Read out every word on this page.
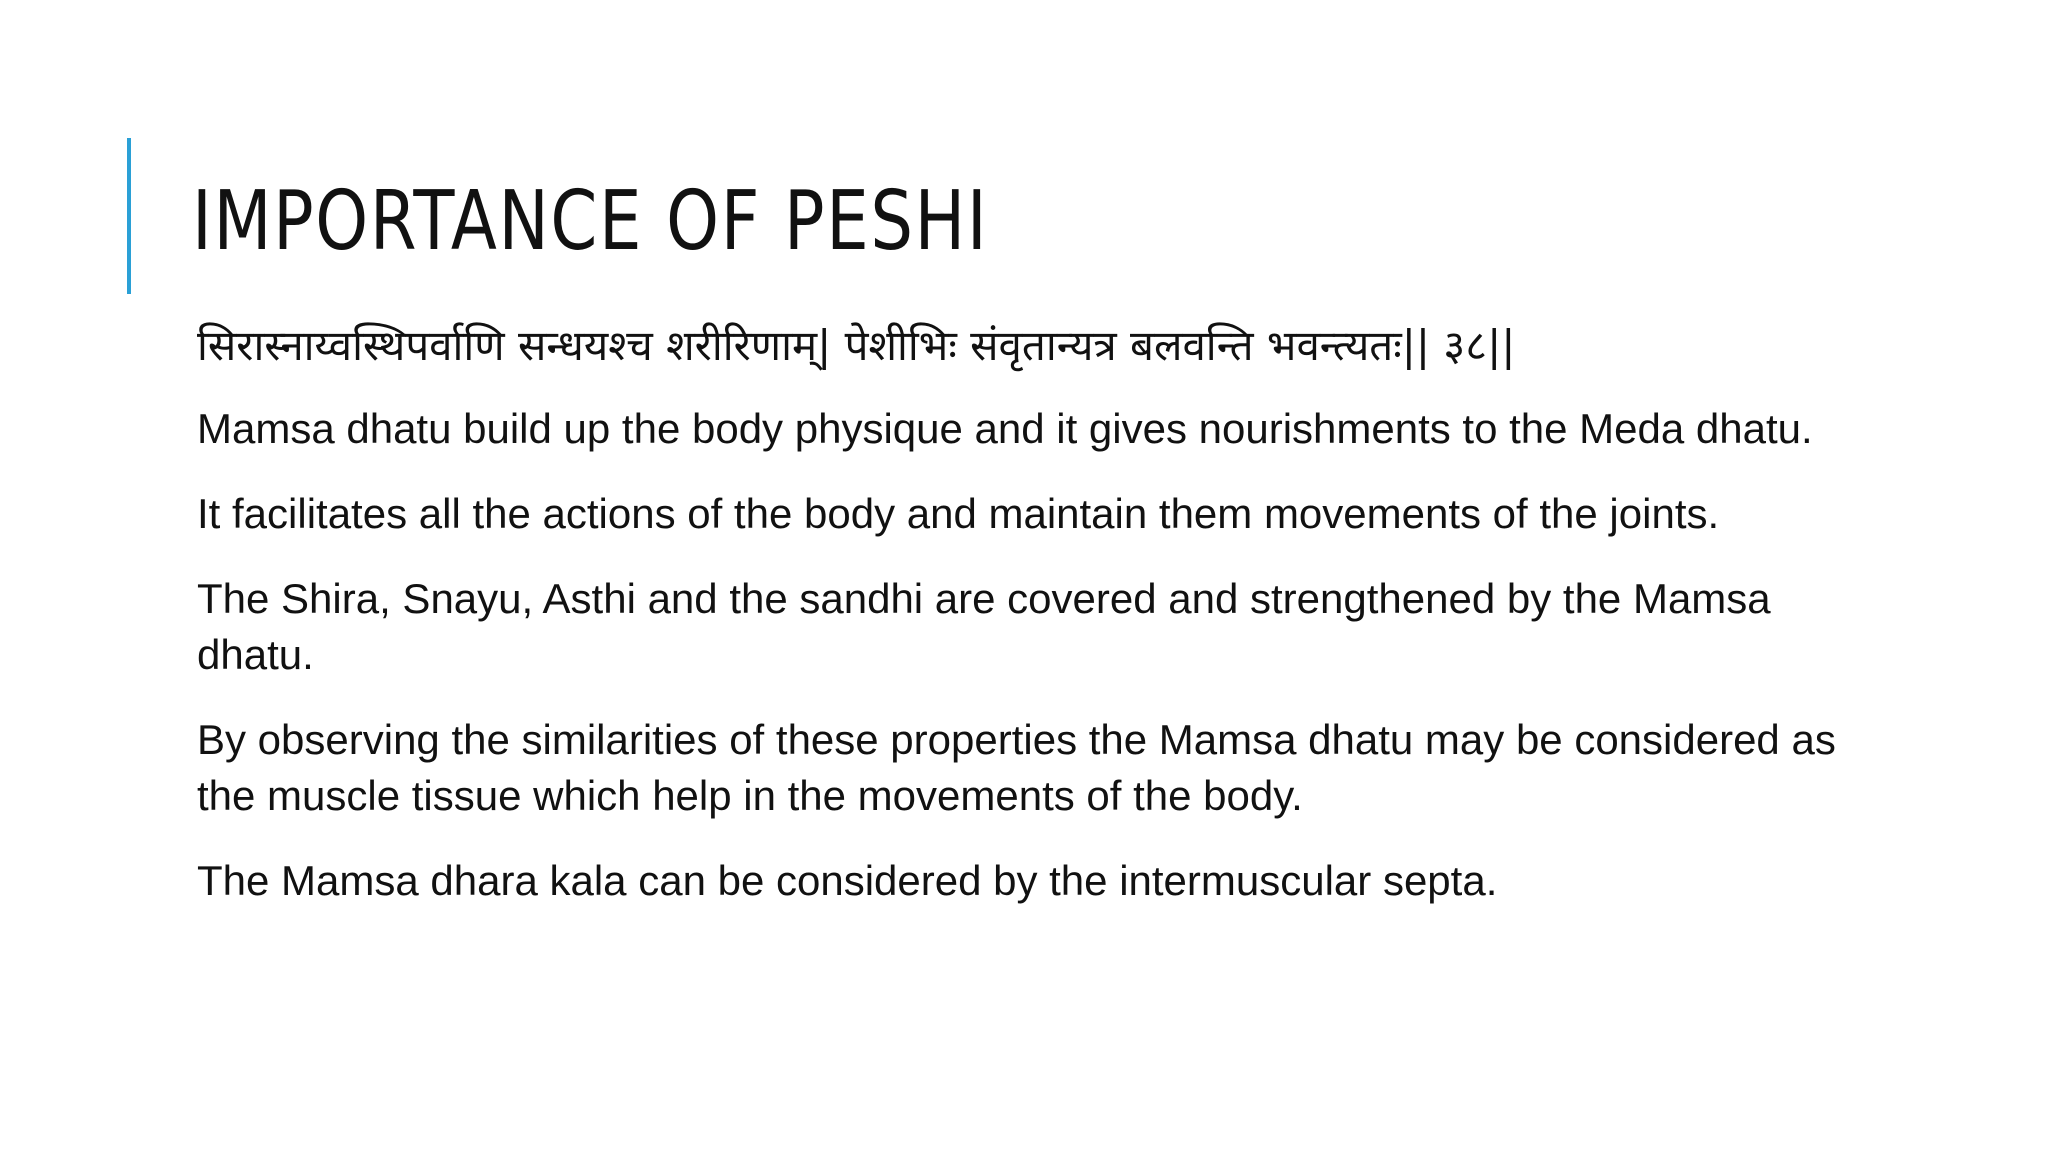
IMPORTANCE OF PESHI

सिरास्नाय्वस्थिपर्वाणि सन्धयश्च शरीरिणाम्| पेशीभिः संवृतान्यत्र बलवन्ति भवन्त्यतः|| ३८||

Mamsa dhatu build up the body physique and it gives nourishments to the Meda dhatu.

It facilitates all the actions of the body and maintain them movements of the joints.

The Shira, Snayu, Asthi and the sandhi are covered and strengthened by the Mamsa dhatu.

By observing the similarities of these properties the Mamsa dhatu may be considered as the muscle tissue which help in the movements of the body.

The Mamsa dhara kala can be considered by the intermuscular septa.
